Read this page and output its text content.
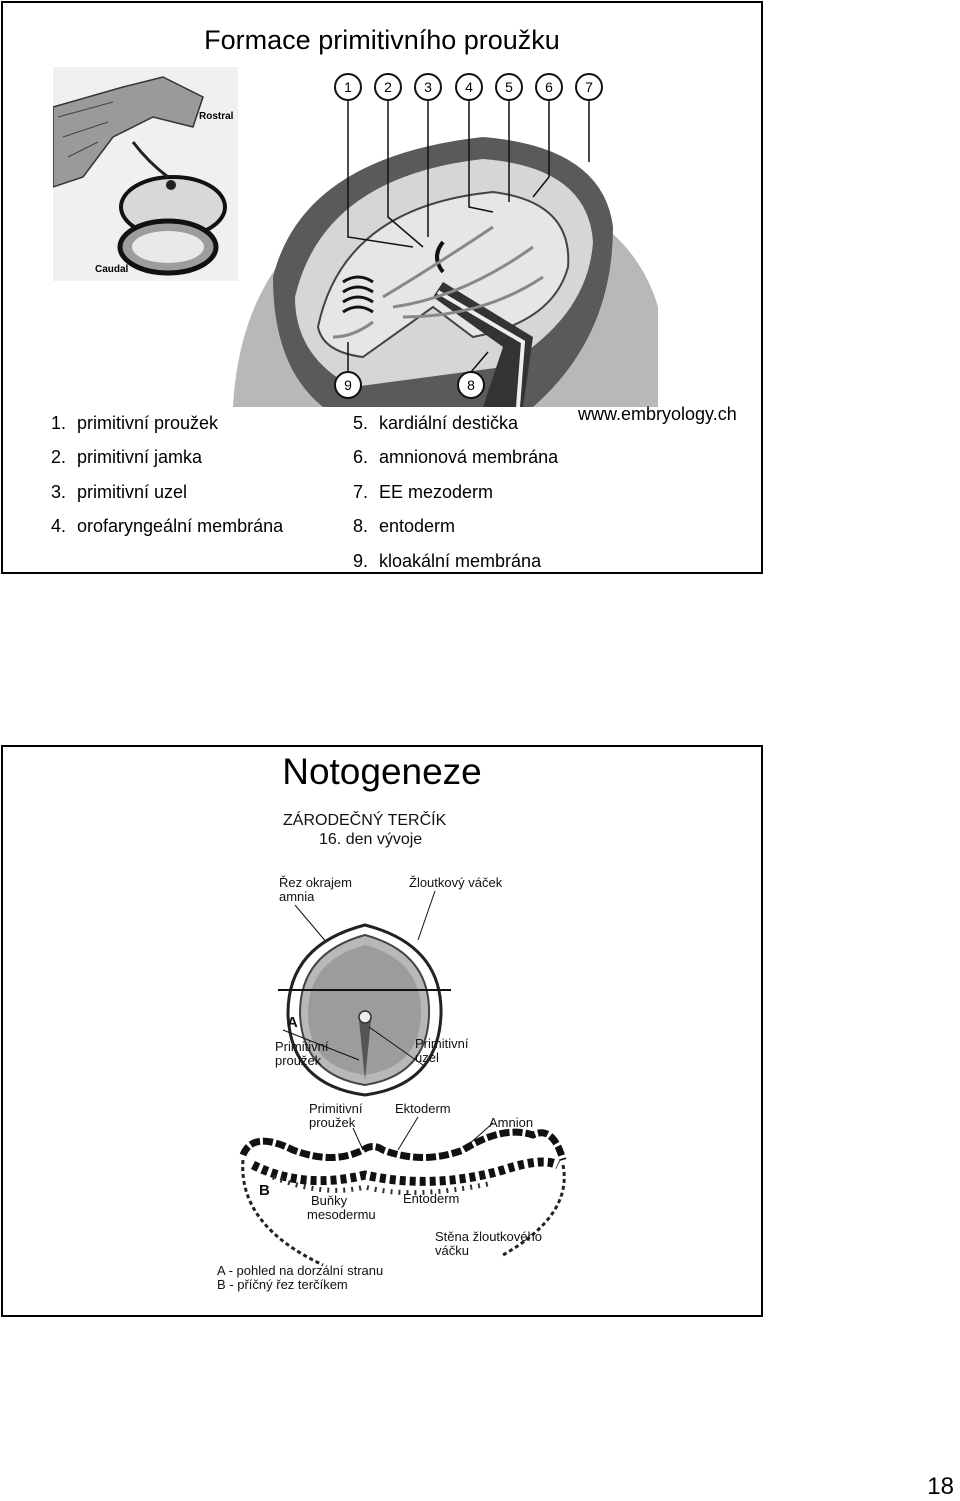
Formace primitivního proužku
Rostral
Caudal
1 2 3 4 5 6 7
9	8
1. primitivní proužek
2. primitivní jamka
3. primitivní uzel
4. orofaryngeální membrána
5. kardiální destička
6. amnionová membrána
7. EE mezoderm
8. entoderm
9. kloakální membrána
www.embryology.ch
Notogeneze
ZÁRODEČNÝ TERČÍK
16. den vývoje
Řez okrajem
amnia
Žloutkový váček
A
Primitivní
proužek
Primitivní
uzel
Primitivní
proužek
Ektoderm
Amnion
B
Buňky
mesodermu
Entoderm
Stěna žloutkového
váčku
A - pohled na dorzální stranu
B - příčný řez terčíkem
18
